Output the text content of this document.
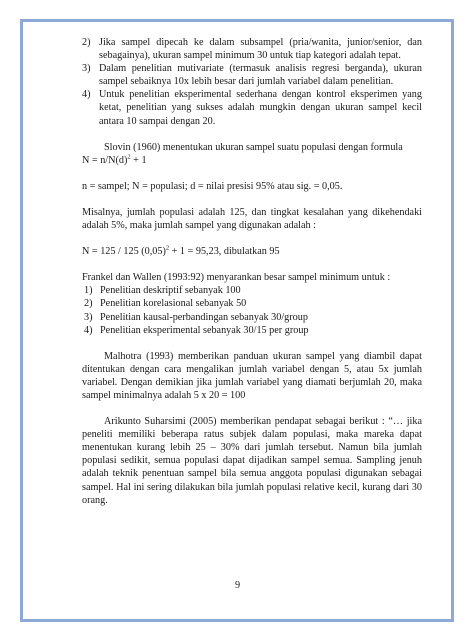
2) Jika sampel dipecah ke dalam subsampel (pria/wanita, junior/senior, dan sebagainya), ukuran sampel minimum 30 untuk tiap kategori adalah tepat.
3) Dalam penelitian mutivariate (termasuk analisis regresi berganda), ukuran sampel sebaiknya 10x lebih besar dari jumlah variabel dalam penelitian.
4) Untuk penelitian eksperimental sederhana dengan kontrol eksperimen yang ketat, penelitian yang sukses adalah mungkin dengan ukuran sampel kecil antara 10 sampai dengan 20.

Slovin (1960) menentukan ukuran sampel suatu populasi dengan formula

$N = n/N(d)^2 + 1$

n = sampel; N = populasi; d = nilai presisi 95% atau sig. = 0,05.

Misalnya, jumlah populasi adalah 125, dan tingkat kesalahan yang dikehendaki adalah 5%, maka jumlah sampel yang digunakan adalah :

N = 125 / 125 $(0,05)^2 + 1 = 95,23$, dibulatkan 95

Frankel dan Wallen (1993:92) menyarankan besar sampel minimum untuk :

1) Penelitian deskriptif sebanyak 100
2) Penelitian korelasional sebanyak 50
3) Penelitian kausal-perbandingan sebanyak 30/group
4) Penelitian eksperimental sebanyak 30/15 per group

Malhotra (1993) memberikan panduan ukuran sampel yang diambil dapat ditentukan dengan cara mengalikan jumlah variabel dengan 5, atau 5x jumlah variabel. Dengan demikian jika jumlah variabel yang diamati berjumlah 20, maka sampel minimalnya adalah 5 x 20 = 100

Arikunto Suharsimi (2005) memberikan pendapat sebagai berikut : “… jika peneliti memiliki beberapa ratus subjek dalam populasi, maka mareka dapat menentukan kurang lebih 25 – 30% dari jumlah tersebut. Namun bila jumlah populasi sedikit, semua populasi dapat dijadikan sampel semua. Sampling jenuh adalah teknik penentuan sampel bila semua anggota populasi digunakan sebagai sampel. Hal ini sering dilakukan bila jumlah populasi relative kecil, kurang dari 30 orang.

9
